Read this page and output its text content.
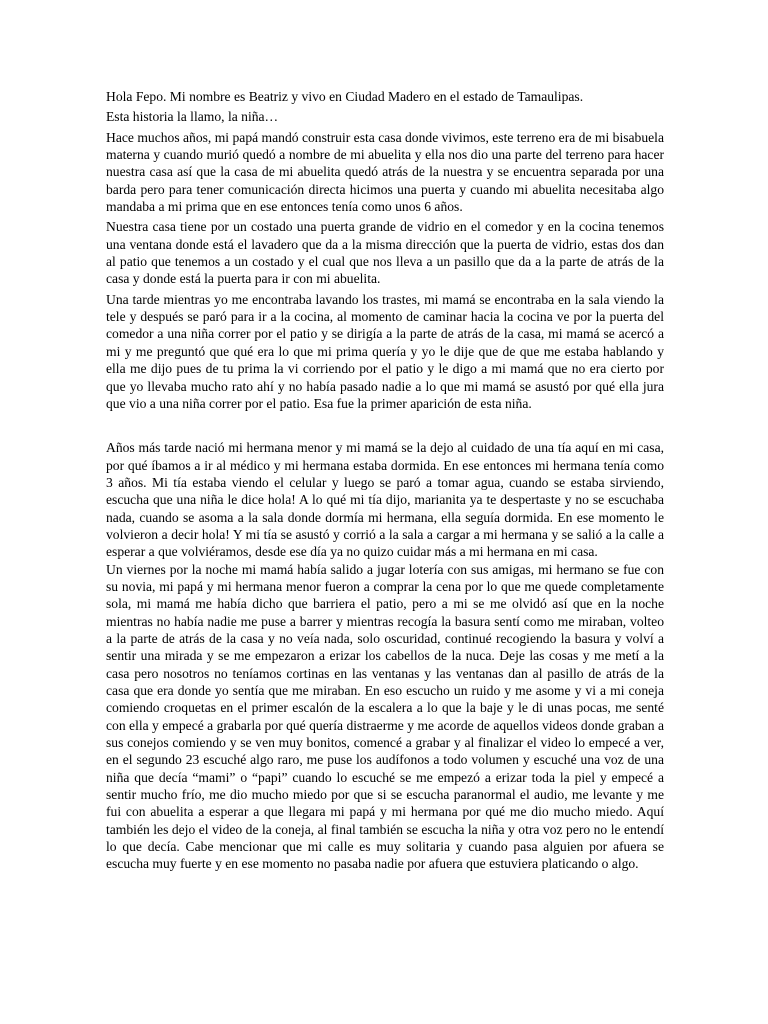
Hola Fepo. Mi nombre es Beatriz y vivo en Ciudad Madero en el estado de Tamaulipas.

Esta historia la llamo, la niña…

Hace muchos años, mi papá mandó construir esta casa donde vivimos, este terreno era de mi bisabuela materna y cuando murió quedó a nombre de mi abuelita y ella nos dio una parte del terreno para hacer nuestra casa así que la casa de mi abuelita quedó atrás de la nuestra y se encuentra separada por una barda pero para tener comunicación directa hicimos una puerta y cuando mi abuelita necesitaba algo mandaba a mi prima que en ese entonces tenía como unos 6 años.

Nuestra casa tiene por un costado una puerta grande de vidrio en el comedor y en la cocina tenemos una ventana donde está el lavadero que da a la misma dirección que la puerta de vidrio, estas dos dan al patio que tenemos a un costado y el cual que nos lleva a un pasillo que da a la parte de atrás de la casa y donde está la puerta para ir con mi abuelita.

Una tarde mientras yo me encontraba lavando los trastes, mi mamá se encontraba en la sala viendo la tele y después se paró para ir a la cocina, al momento de caminar hacia la cocina ve por la puerta del comedor a una niña correr por el patio y se dirigía a la parte de atrás de la casa, mi mamá se acercó a mi y me preguntó que qué era lo que mi prima quería y yo le dije que de que me estaba hablando y ella me dijo pues de tu prima la vi corriendo por el patio y le digo a mi mamá que no era cierto por que yo llevaba mucho rato ahí y no había pasado nadie a lo que mi mamá se asustó por qué ella jura que vio a una niña correr por el patio. Esa fue la primer aparición de esta niña.

Años más tarde nació mi hermana menor y mi mamá se la dejo al cuidado de una tía aquí en mi casa, por qué íbamos a ir al médico y mi hermana estaba dormida. En ese entonces mi hermana tenía como 3 años. Mi tía estaba viendo el celular y luego se paró a tomar agua, cuando se estaba sirviendo, escucha que una niña le dice hola! A lo qué mi tía dijo, marianita ya te despertaste y no se escuchaba nada, cuando se asoma a la sala donde dormía mi hermana, ella seguía dormida. En ese momento le volvieron a decir hola! Y mi tía se asustó y corrió a la sala a cargar a mi hermana y se salió a la calle a esperar a que volviéramos, desde ese día ya no quizo cuidar más a mi hermana en mi casa.

Un viernes por la noche mi mamá había salido a jugar lotería con sus amigas, mi hermano se fue con su novia, mi papá y mi hermana menor fueron a comprar la cena por lo que me quede completamente sola, mi mamá me había dicho que barriera el patio, pero a mi se me olvidó así que en la noche mientras no había nadie me puse a barrer y mientras recogía la basura sentí como me miraban, volteo a la parte de atrás de la casa y no veía nada, solo oscuridad, continué recogiendo la basura y volví a sentir una mirada y se me empezaron a erizar los cabellos de la nuca. Deje las cosas y me metí a la casa pero nosotros no teníamos cortinas en las ventanas y las ventanas dan al pasillo de atrás de la casa que era donde yo sentía que me miraban. En eso escucho un ruido y me asome y vi a mi coneja comiendo croquetas en el primer escalón de la escalera a lo que la baje y le di unas pocas, me senté con ella y empecé a grabarla por qué quería distraerme y me acorde de aquellos videos donde graban a sus conejos comiendo y se ven muy bonitos, comencé a grabar y al finalizar el video lo empecé a ver, en el segundo 23 escuché algo raro, me puse los audífonos a todo volumen y escuché una voz de una niña que decía “mami” o “papi” cuando lo escuché se me empezó a erizar toda la piel y empecé a sentir mucho frío, me dio mucho miedo por que si se escucha paranormal el audio, me levante y me fui con abuelita a esperar a que llegara mi papá y mi hermana por qué me dio mucho miedo. Aquí también les dejo el video de la coneja, al final también se escucha la niña y otra voz pero no le entendí lo que decía. Cabe mencionar que mi calle es muy solitaria y cuando pasa alguien por afuera se escucha muy fuerte y en ese momento no pasaba nadie por afuera que estuviera platicando o algo.
